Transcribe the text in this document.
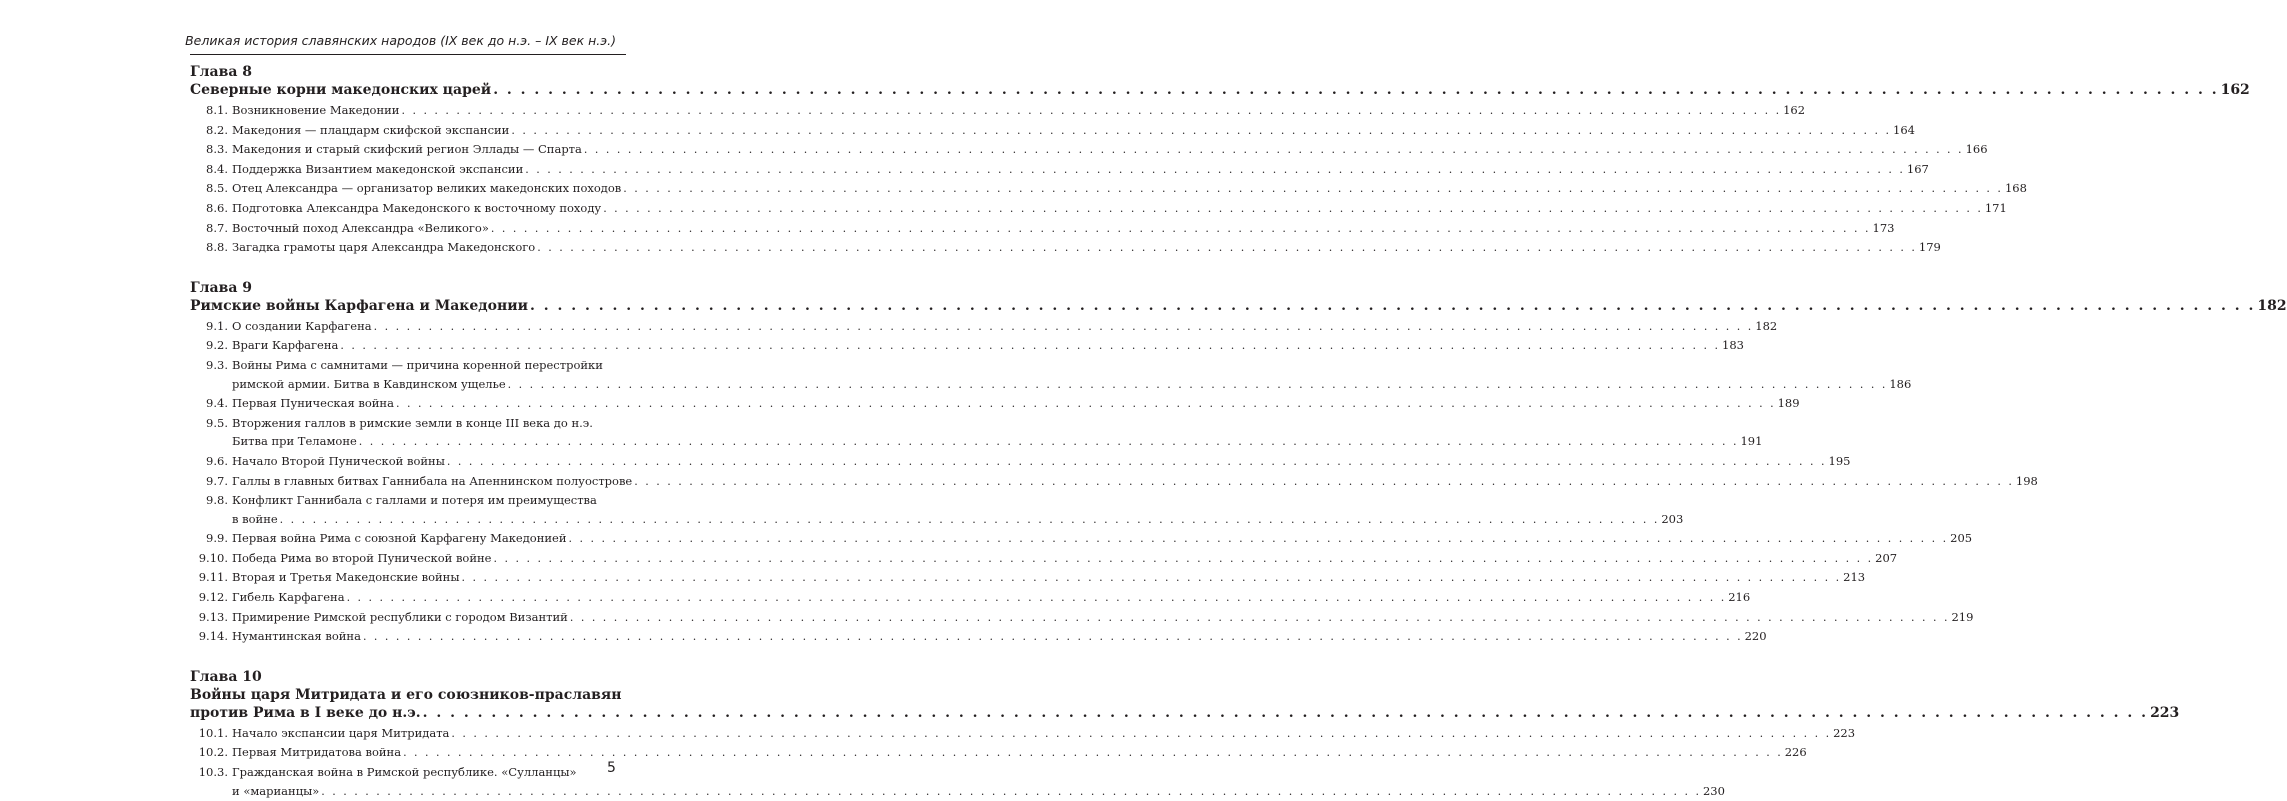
Великая история славянских народов (IX век до н.э. – IX век н.э.)
Глава 8
Северные корни македонских царей . . .	162
8.1. Возникновение Македонии . . .	162
8.2. Македония — плацдарм скифской экспансии . . .	164
8.3. Македония и старый скифский регион Эллады — Спарта . . .	166
8.4. Поддержка Византием македонской экспансии . . .	167
8.5. Отец Александра — организатор великих македонских походов . . .	168
8.6. Подготовка Александра Македонского к восточному походу . . .	171
8.7. Восточный поход Александра «Великого» . . .	173
8.8. Загадка грамоты царя Александра Македонского . . .	179
Глава 9
Римские войны Карфагена и Македонии . . .	182
9.1. О создании Карфагена . . .	182
9.2. Враги Карфагена . . .	183
9.3. Войны Рима с самнитами — причина коренной перестройки
римской армии. Битва в Кавдинском ущелье . . .	186
9.4. Первая Пуническая война . . .	189
9.5. Вторжения галлов в римские земли в конце III века до н.э.
Битва при Теламоне . . .	191
9.6. Начало Второй Пунической войны . . .	195
9.7. Галлы в главных битвах Ганнибала на Апеннинском полуострове . . .	198
9.8. Конфликт Ганнибала с галлами и потеря им преимущества
в войне . . .	203
9.9. Первая война Рима с союзной Карфагену Македонией . . .	205
9.10. Победа Рима во второй Пунической войне . . .	207
9.11. Вторая и Третья Македонские войны . . .	213
9.12. Гибель Карфагена . . .	216
9.13. Примирение Римской республики с городом Византий . . .	219
9.14. Нумантинская война . . .	220
Глава 10
Войны царя Митридата и его союзников-праславян
против Рима в I веке до н.э. . . .	223
10.1. Начало экспансии царя Митридата . . .	223
10.2. Первая Митридатова война . . .	226
10.3. Гражданская война в Римской республике. «Сулланцы»
и «марианцы» . . .	230
5
